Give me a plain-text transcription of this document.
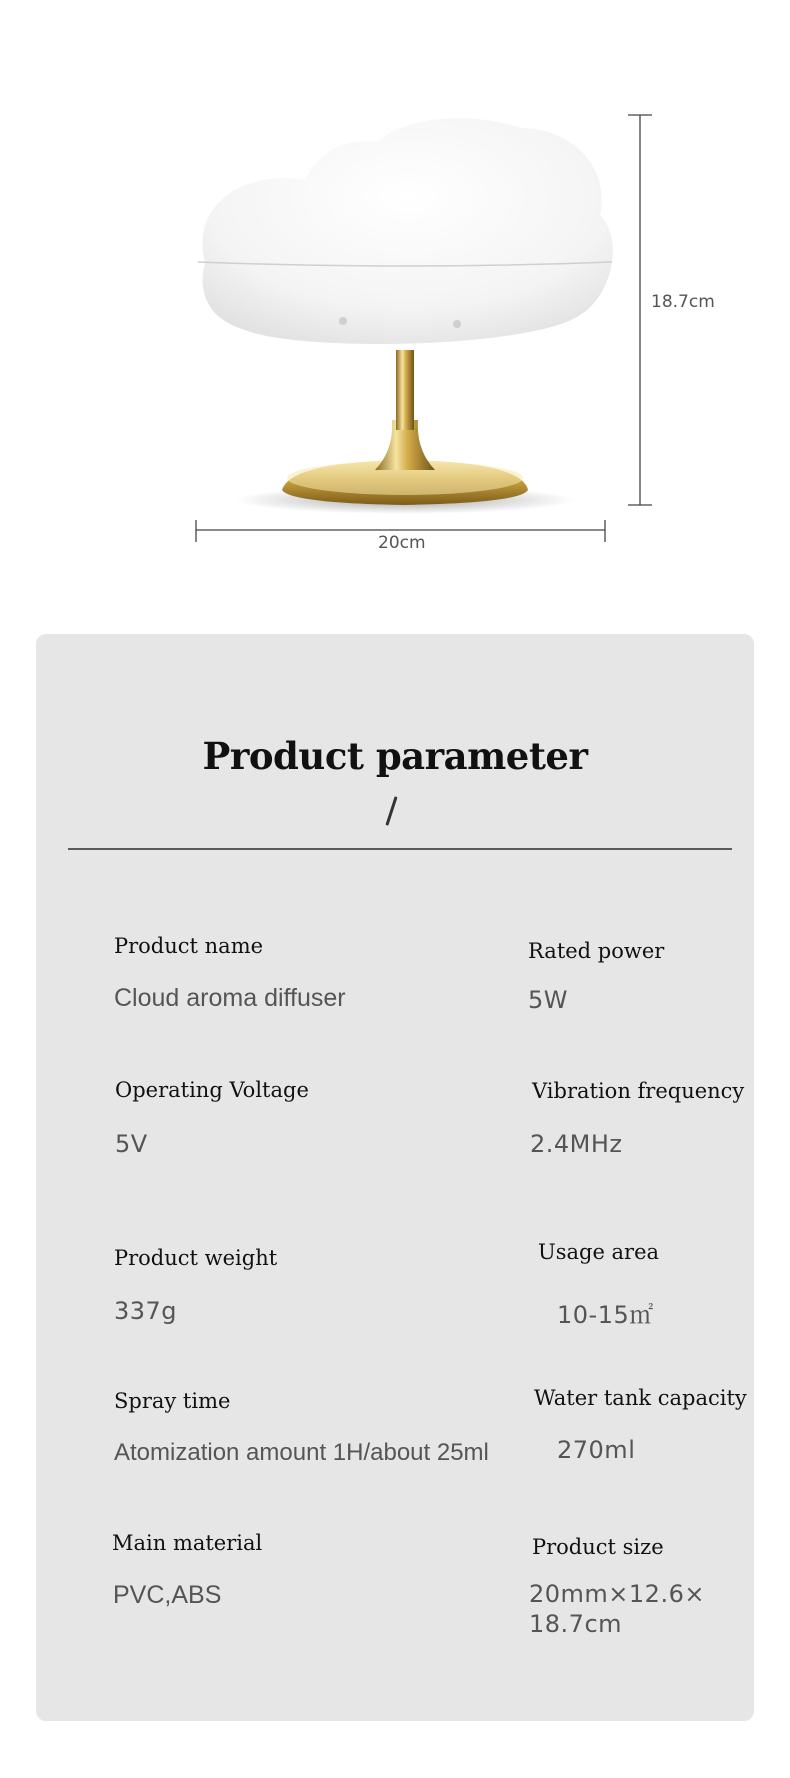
18.7cm
20cm
Product parameter
Product name
Cloud aroma diffuser
Rated power
5W
Operating Voltage
5V
Vibration frequency
2.4MHz
Product weight
337g
Usage area
10-15㎡
Spray time
Atomization amount 1H/about 25ml
Water tank capacity
270ml
Main material
PVC,ABS
Product size
20mm×12.6×
18.7cm
